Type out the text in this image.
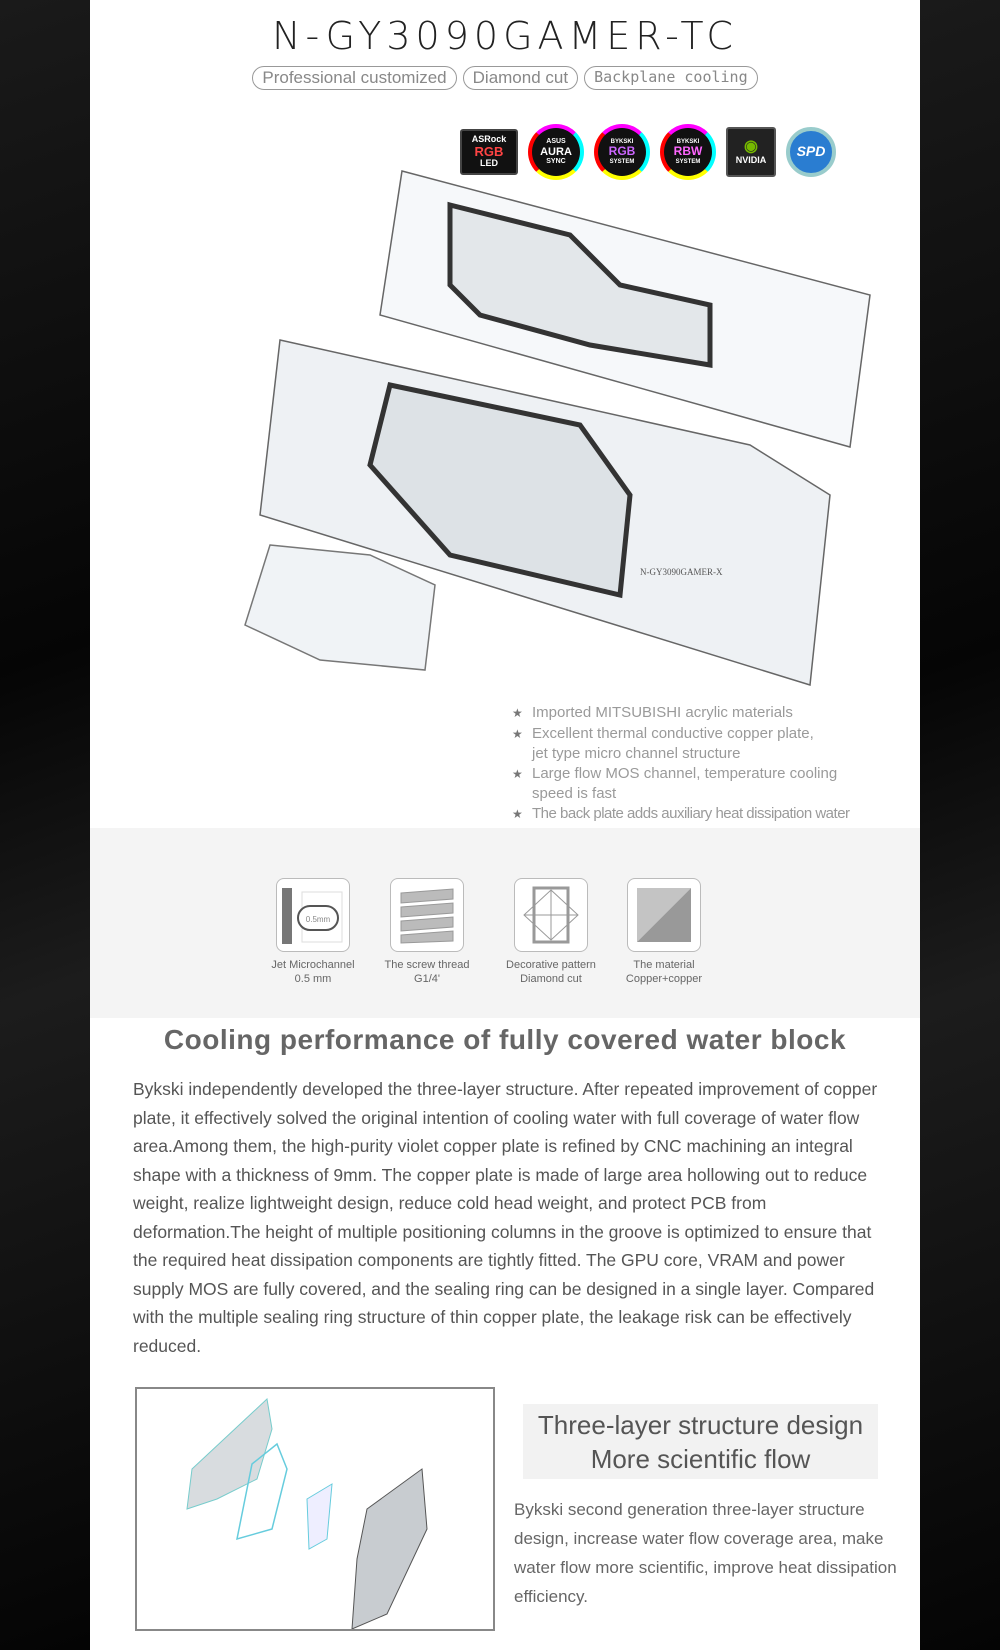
N-GY3090GAMER-TC
Professional customized	Diamond cut	Backplane cooling
ASRock
RGB
LED
ASUS
AURA
SYNC
BYKSKI
RGB
SYSTEM
BYKSKI
RBW
SYSTEM
◉
NVIDIA
SPD
N-GY3090GAMER-X
★ Imported MITSUBISHI acrylic materials
★ Excellent thermal conductive copper plate, jet type micro channel structure
★ Large flow MOS channel, temperature cooling speed is fast
★ The back plate adds auxiliary heat dissipation water
0.5mm
Jet Microchannel
0.5 mm
The screw thread
G1/4'
Decorative pattern
Diamond cut
The material
Copper+copper
Cooling performance of fully covered water block
Bykski independently developed the three-layer structure. After repeated improvement of copper plate, it effectively solved the original intention of cooling water with full coverage of water flow area.Among them, the high-purity violet copper plate is refined by CNC machining an integral shape with a thickness of 9mm. The copper plate is made of large area hollowing out to reduce weight, realize lightweight design, reduce cold head weight, and protect PCB from deformation.The height of multiple positioning columns in the groove is optimized to ensure that the required heat dissipation components are tightly fitted. The GPU core, VRAM and power supply MOS are fully covered, and the sealing ring can be designed in a single layer. Compared with the multiple sealing ring structure of thin copper plate, the leakage risk can be effectively reduced.
Three-layer structure design
More scientific flow
Bykski second generation three-layer structure design, increase water flow coverage area, make water flow more scientific, improve heat dissipation efficiency.
